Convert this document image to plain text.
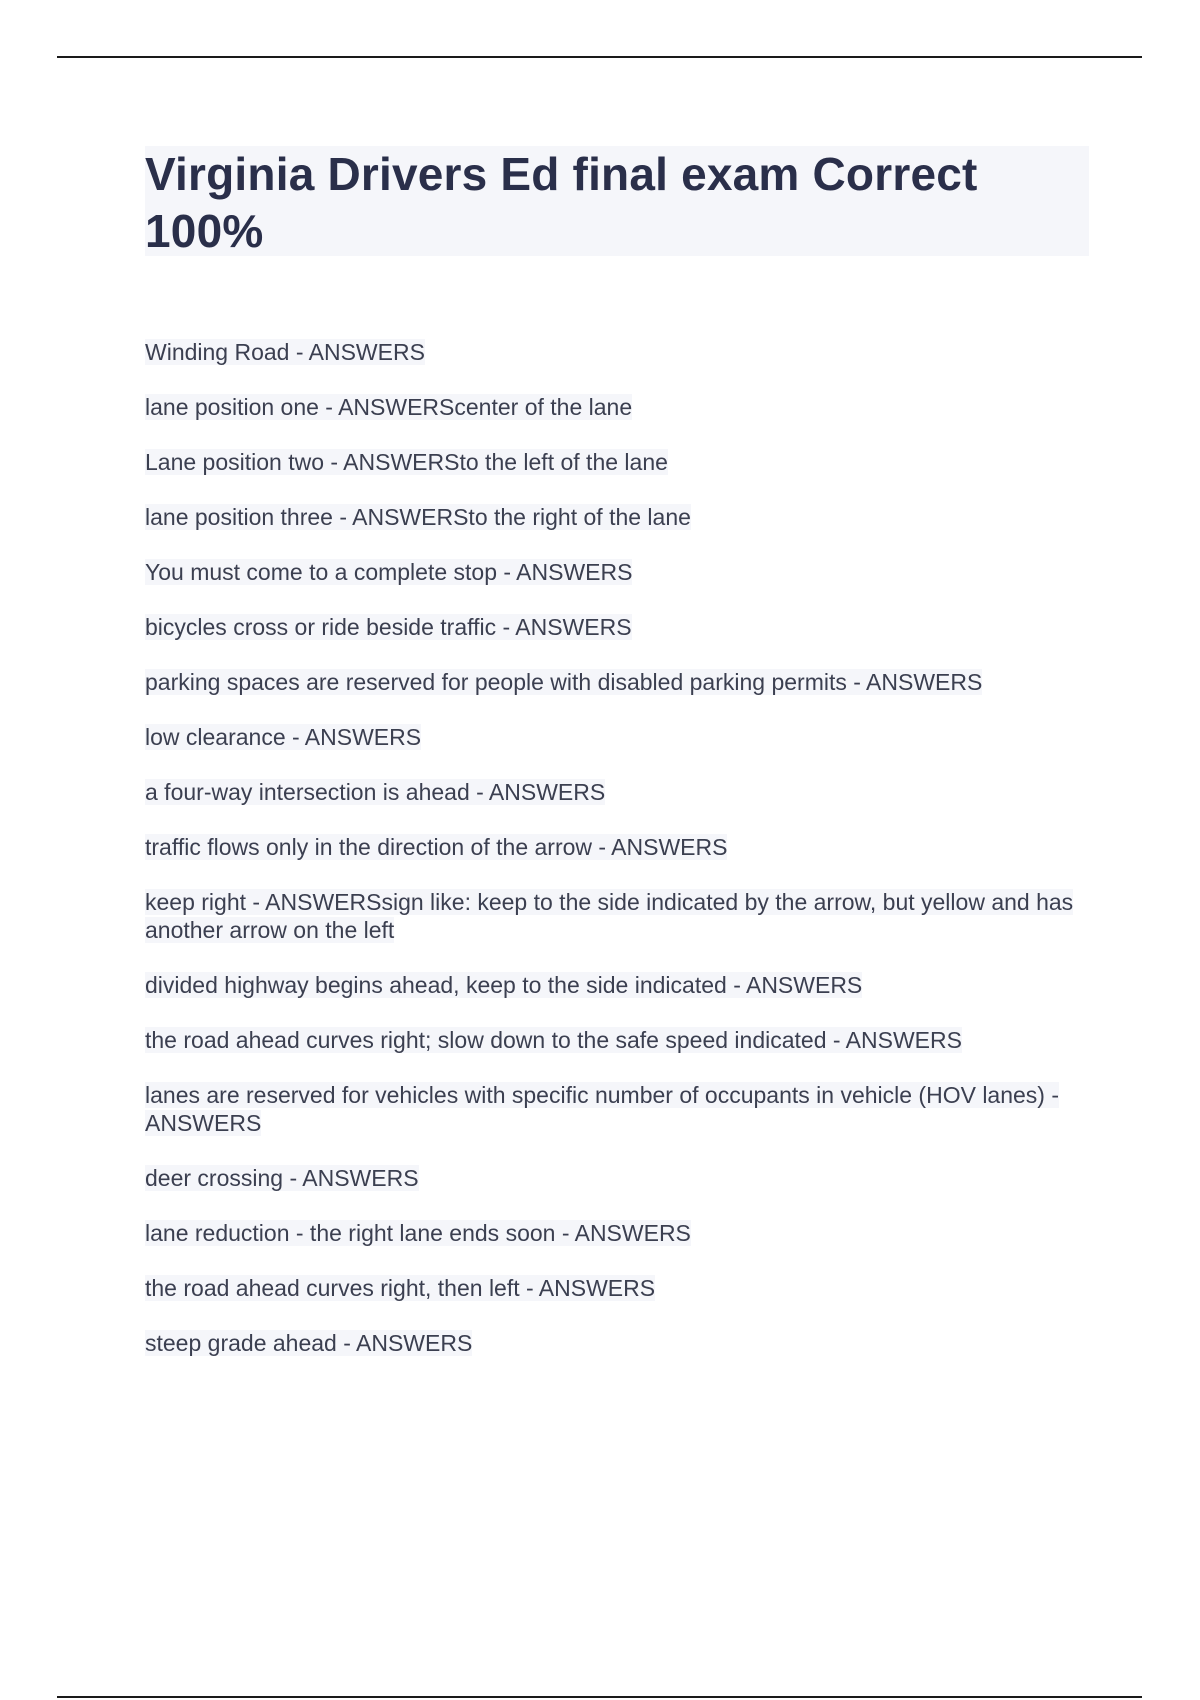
Virginia Drivers Ed final exam Correct 100%
Winding Road - ANSWERS
lane position one - ANSWERScenter of the lane
Lane position two - ANSWERSto the left of the lane
lane position three - ANSWERSto the right of the lane
You must come to a complete stop - ANSWERS
bicycles cross or ride beside traffic - ANSWERS
parking spaces are reserved for people with disabled parking permits - ANSWERS
low clearance - ANSWERS
a four-way intersection is ahead - ANSWERS
traffic flows only in the direction of the arrow - ANSWERS
keep right - ANSWERSsign like: keep to the side indicated by the arrow, but yellow and has another arrow on the left
divided highway begins ahead, keep to the side indicated - ANSWERS
the road ahead curves right; slow down to the safe speed indicated - ANSWERS
lanes are reserved for vehicles with specific number of occupants in vehicle (HOV lanes) - ANSWERS
deer crossing - ANSWERS
lane reduction - the right lane ends soon - ANSWERS
the road ahead curves right, then left - ANSWERS
steep grade ahead - ANSWERS
